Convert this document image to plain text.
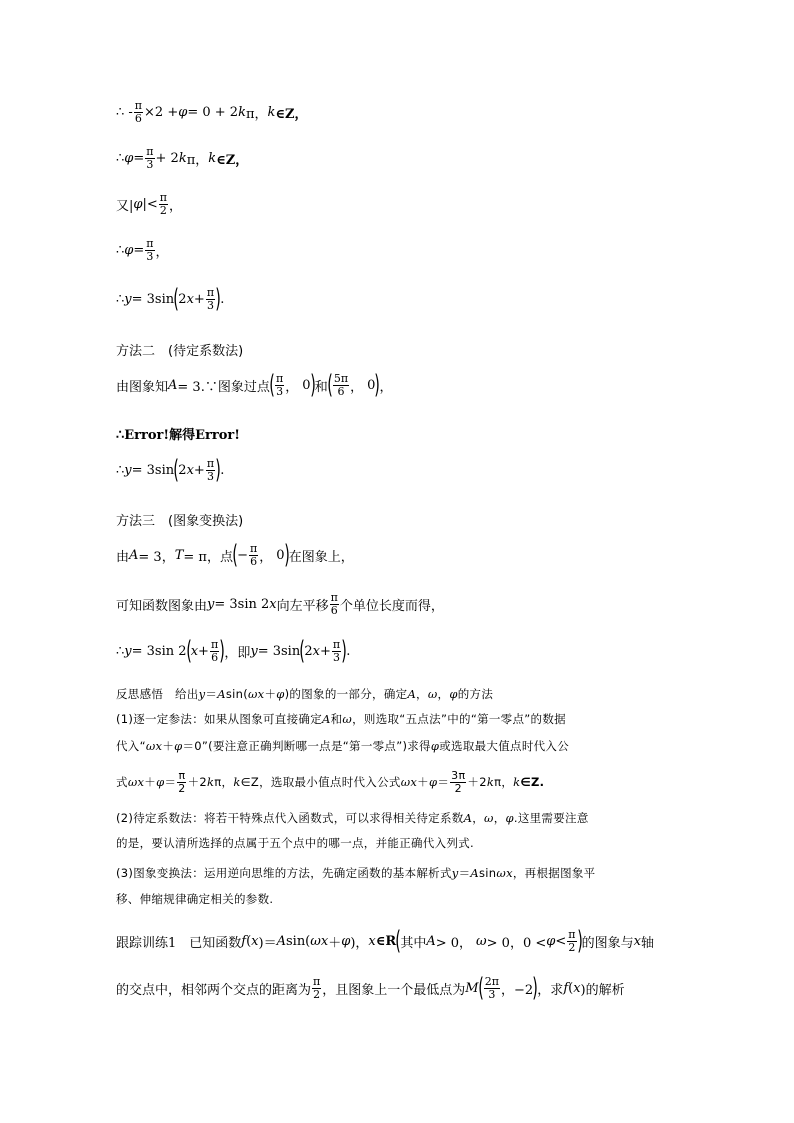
∴ - $\frac{\pi}{6} \times 2 + \varphi = 0 + 2$ k π， k ∈Z，
∴ $\varphi = \frac{\pi}{3} + 2$ k π， k ∈Z，
又| φ |< $\frac{\pi}{2}$ ，
∴ $\varphi = \frac{\pi}{3}$ ，
∴ y = 3sin ( 2 $x + \frac{\pi}{3}$ ) .
方法二　(待定系数法)
由图象知 A = 3.∵图象过点 ( $\frac{\pi}{3}$ ， 0 ) 和 ( $\frac{5\pi}{6}$ ， 0 ) ，
∴Error!解得Error!
∴ y = 3sin ( 2 $x + \frac{\pi}{3}$ ) .
方法三　(图象变换法)
由 A = 3， T = π，点 ( − $\frac{\pi}{6}$ ， 0 ) 在图象上，
可知函数图象由 y = 3sin 2 x 向左平移 $\frac{\pi}{6}$ 个单位长度而得，
∴ y = 3sin 2 ( $x + \frac{\pi}{6}$ ) ，即 y = 3sin ( 2 $x + \frac{\pi}{3}$ ) .
反思感悟　给出 y ＝ A sin( ωx ＋ φ )的图象的一部分，确定 A ， ω ， φ 的方法
(1)逐一定参法：如果从图象可直接确定 A 和 ω ，则选取“五点法”中的“第一零点”的数据
代入“ ωx ＋ φ ＝0”(要注意正确判断哪一点是“第一零点”)求得 φ 或选取最大值点时代入公
式 $\omega x + \varphi = \frac{\pi}{2} +2$ k π， k ∈Z，选取最小值点时代入公式 $\omega x + \varphi = \frac{3\pi}{2} +2$ k π， k ∈Z.
(2)待定系数法：将若干特殊点代入函数式，可以求得相关待定系数 A ， ω ， φ .这里需要注意
的是，要认清所选择的点属于五个点中的哪一点，并能正确代入列式.
(3)图象变换法：运用逆向思维的方法，先确定函数的基本解析式 y ＝ A sin ωx ，再根据图象平
移、伸缩规律确定相关的参数.
跟踪训练1　已知函数 f ( x )＝ A sin( ωx ＋ φ )， x ∈R ( 其中 A > 0， ω > 0，$0 < \varphi < \frac{\pi}{2}$ ) 的图象与 x 轴
的交点中，相邻两个交点的距离为 $\frac{\pi}{2}$ ，且图象上一个最低点为 M ( $\frac{2\pi}{3}$ ，−2 ) ，求 f ( x )的解析
